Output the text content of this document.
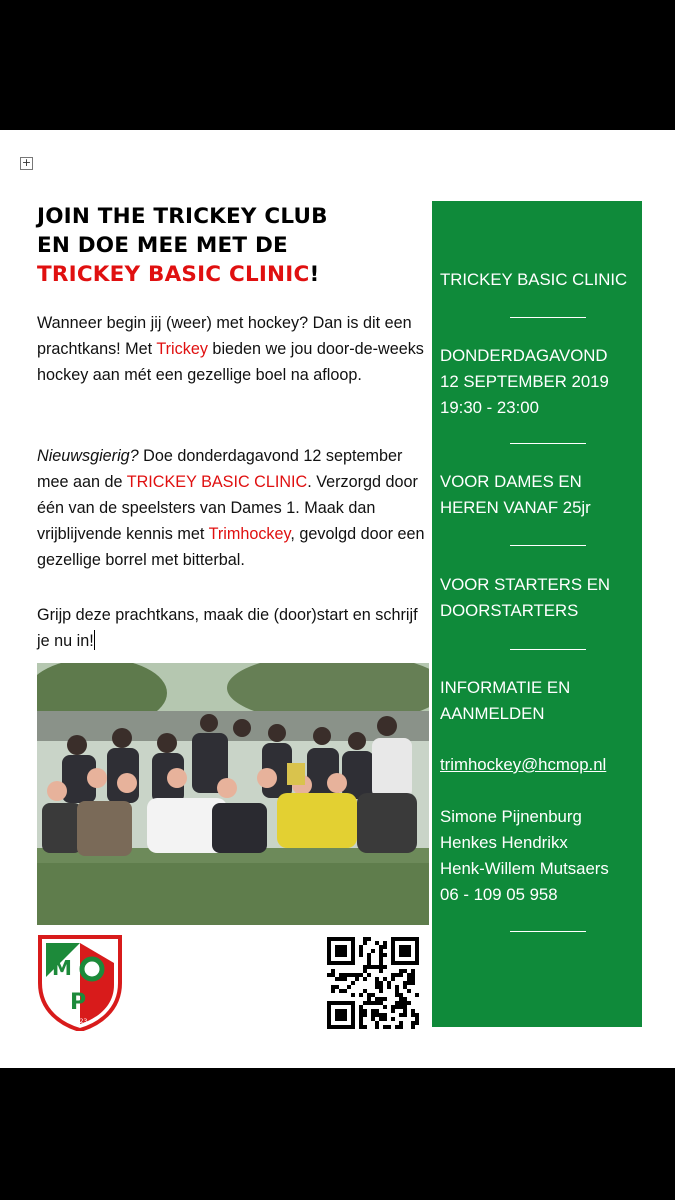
+
JOIN THE TRICKEY CLUB
EN DOE MEE MET DE
TRICKEY BASIC CLINIC!
Wanneer begin jij (weer) met hockey? Dan is dit een prachtkans! Met Trickey bieden we jou door-de-weeks hockey aan mét een gezellige boel na afloop.
Nieuwsgierig? Doe donderdagavond 12 september mee aan de TRICKEY BASIC CLINIC. Verzorgd door één van de speelsters van Dames 1. Maak dan vrijblijvende kennis met Trimhockey, gevolgd door een gezellige borrel met bitterbal.
Grijp deze prachtkans, maak die (door)start en schrijf
je nu in!
M
P
1923
TRICKEY BASIC CLINIC
DONDERDAGAVOND
12 SEPTEMBER 2019
19:30 - 23:00
VOOR DAMES EN
HEREN VANAF 25jr
VOOR STARTERS EN
DOORSTARTERS
INFORMATIE EN
AANMELDEN
trimhockey@hcmop.nl
Simone Pijnenburg
Henkes Hendrikx
Henk-Willem Mutsaers
06 - 109 05 958
